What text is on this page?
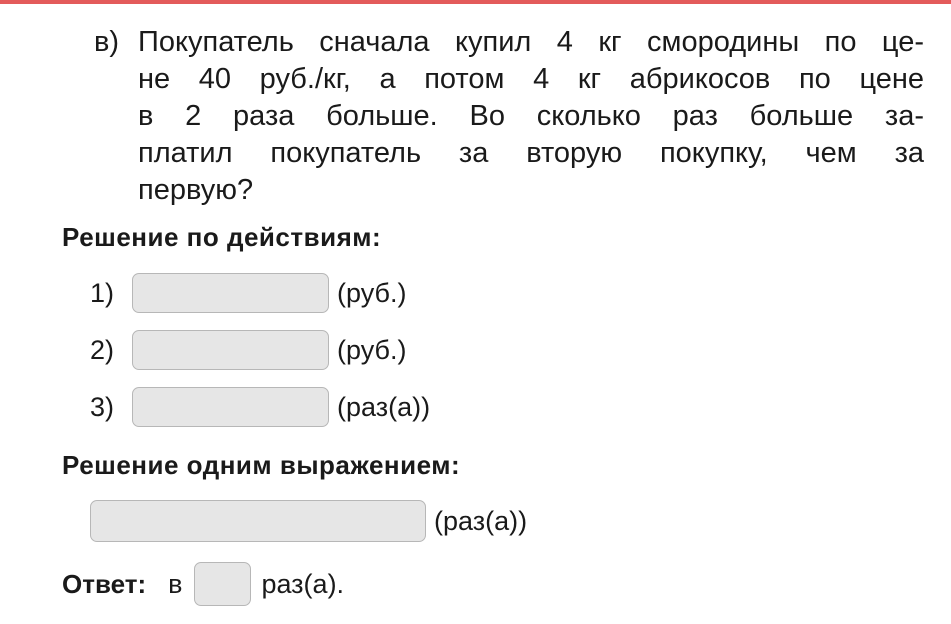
в) Покупатель сначала купил 4 кг смородины по це-
не 40 руб./кг, а потом 4 кг абрикосов по цене
в 2 раза больше. Во сколько раз больше за-
платил покупатель за вторую покупку, чем за
первую?
Решение по действиям:
1)	(руб.)
2)	(руб.)
3)	(раз(а))
Решение одним выражением:
(раз(а))
Ответ: в	раз(а).
